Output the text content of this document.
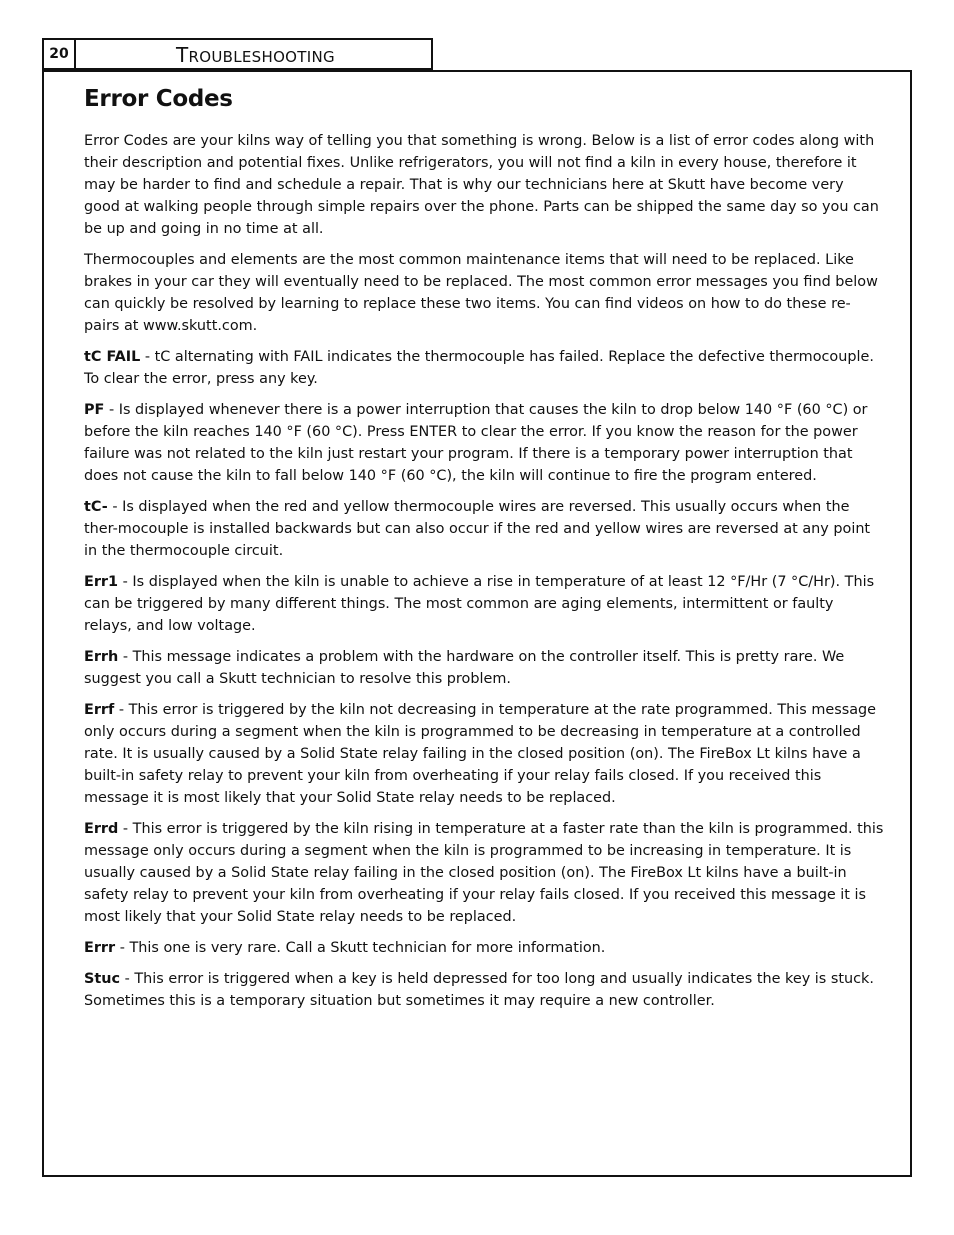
20	TROUBLESHOOTING
Error Codes

Error Codes are your kilns way of telling you that something is wrong. Below is a list of error codes along with their description and potential fixes. Unlike refrigerators, you will not find a kiln in every house, therefore it may be harder to find and schedule a repair. That is why our technicians here at Skutt have become very good at walking people through simple repairs over the phone. Parts can be shipped the same day so you can be up and going in no time at all.

Thermocouples and elements are the most common maintenance items that will need to be replaced. Like brakes in your car they will eventually need to be replaced. The most common error messages you find below can quickly be resolved by learning to replace these two items. You can find videos on how to do these re-pairs at www.skutt.com.

tC FAIL - tC alternating with FAIL indicates the thermocouple has failed. Replace the defective thermocouple. To clear the error, press any key.

PF - Is displayed whenever there is a power interruption that causes the kiln to drop below 140 °F (60 °C) or before the kiln reaches 140 °F (60 °C). Press ENTER to clear the error. If you know the reason for the power failure was not related to the kiln just restart your program. If there is a temporary power interruption that does not cause the kiln to fall below 140 °F (60 °C), the kiln will continue to fire the program entered.

tC- - Is displayed when the red and yellow thermocouple wires are reversed. This usually occurs when the ther-mocouple is installed backwards but can also occur if the red and yellow wires are reversed at any point in the thermocouple circuit.

Err1 - Is displayed when the kiln is unable to achieve a rise in temperature of at least 12 °F/Hr (7 °C/Hr). This can be triggered by many different things. The most common are aging elements, intermittent or faulty relays, and low voltage.

Errh - This message indicates a problem with the hardware on the controller itself. This is pretty rare. We suggest you call a Skutt technician to resolve this problem.

Errf - This error is triggered by the kiln not decreasing in temperature at the rate programmed. This message only occurs during a segment when the kiln is programmed to be decreasing in temperature at a controlled rate. It is usually caused by a Solid State relay failing in the closed position (on). The FireBox Lt kilns have a built-in safety relay to prevent your kiln from overheating if your relay fails closed. If you received this message it is most likely that your Solid State relay needs to be replaced.

Errd - This error is triggered by the kiln rising in temperature at a faster rate than the kiln is programmed. this message only occurs during a segment when the kiln is programmed to be increasing in temperature. It is usually caused by a Solid State relay failing in the closed position (on). The FireBox Lt kilns have a built-in safety relay to prevent your kiln from overheating if your relay fails closed. If you received this message it is most likely that your Solid State relay needs to be replaced.

Errr - This one is very rare. Call a Skutt technician for more information.

Stuc - This error is triggered when a key is held depressed for too long and usually indicates the key is stuck. Sometimes this is a temporary situation but sometimes it may require a new controller.
